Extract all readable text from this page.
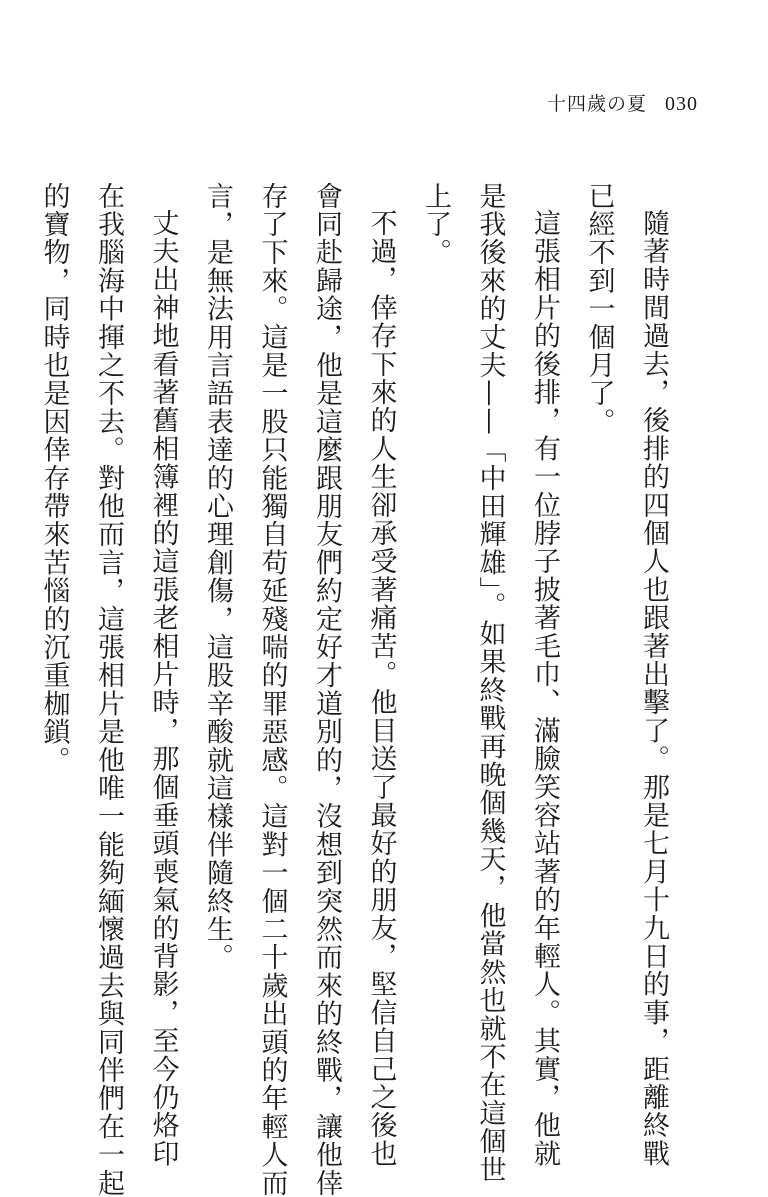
十四歲の夏 030

隨著時間過去，後排的四個人也跟著出擊了。那是七月十九日的事，距離終戰

已經不到一個月了。

這張相片的後排，有一位脖子披著毛巾、滿臉笑容站著的年輕人。其實，他就

是我後來的丈夫——「中田輝雄」。如果終戰再晚個幾天，他當然也就不在這個世

上了。

不過，倖存下來的人生卻承受著痛苦。他目送了最好的朋友，堅信自己之後也

會同赴歸途，他是這麼跟朋友們約定好才道別的，沒想到突然而來的終戰，讓他倖

存了下來。這是一股只能獨自苟延殘喘的罪惡感。這對一個二十歲出頭的年輕人而

言，是無法用言語表達的心理創傷，這股辛酸就這樣伴隨終生。

丈夫出神地看著舊相簿裡的這張老相片時，那個垂頭喪氣的背影，至今仍烙印

在我腦海中揮之不去。對他而言，這張相片是他唯一能夠緬懷過去與同伴們在一起

的寶物，同時也是因倖存帶來苦惱的沉重枷鎖。
